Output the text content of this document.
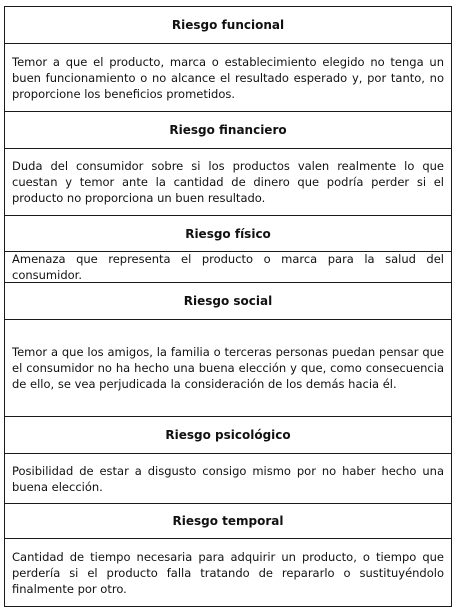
Riesgo funcional
Temor a que el producto, marca o establecimiento elegido no tenga un buen funcionamiento o no alcance el resultado esperado y, por tanto, no proporcione los beneficios prometidos.
Riesgo financiero
Duda del consumidor sobre si los productos valen realmente lo que cuestan y temor ante la cantidad de dinero que podría perder si el producto no proporciona un buen resultado.
Riesgo físico
Amenaza que representa el producto o marca para la salud del consumidor.
Riesgo social
Temor a que los amigos, la familia o terceras personas puedan pensar que el consumidor no ha hecho una buena elección y que, como consecuencia de ello, se vea perjudicada la consideración de los demás hacia él.
Riesgo psicológico
Posibilidad de estar a disgusto consigo mismo por no haber hecho una buena elección.
Riesgo temporal
Cantidad de tiempo necesaria para adquirir un producto, o tiempo que perdería si el producto falla tratando de repararlo o sustituyéndolo finalmente por otro.
